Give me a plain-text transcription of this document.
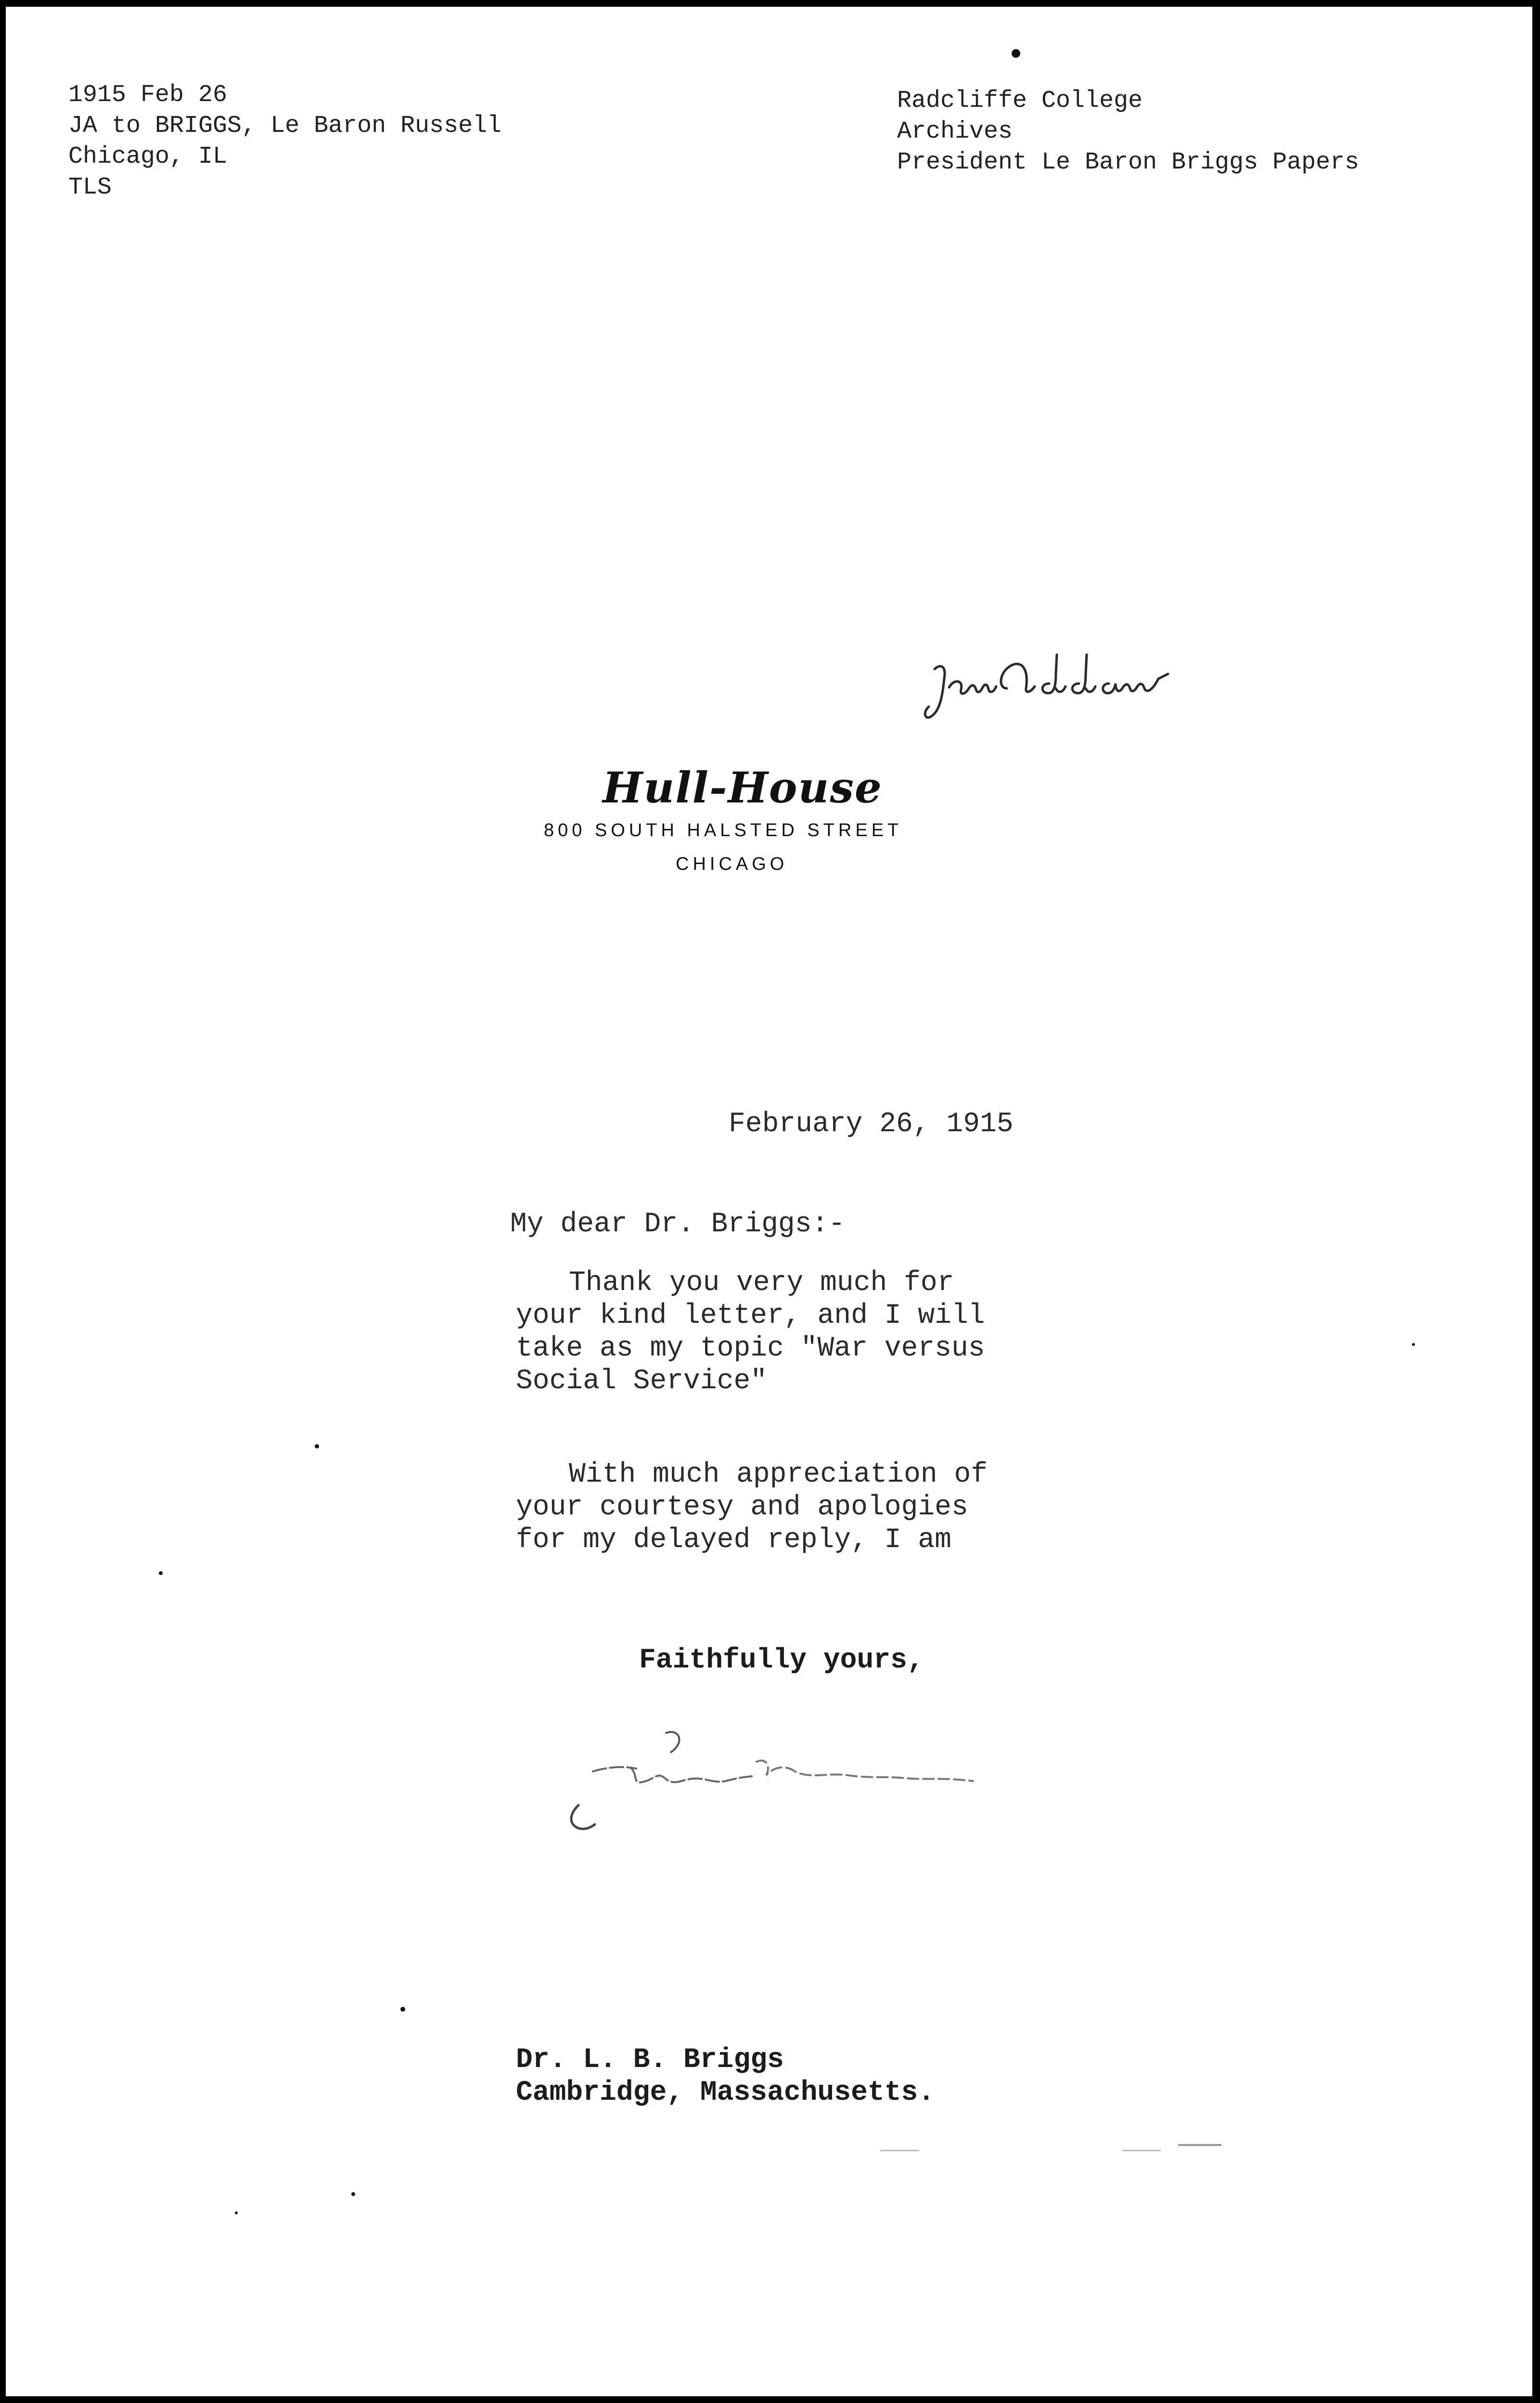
1915 Feb 26
JA to BRIGGS, Le Baron Russell
Chicago, IL
TLS
Radcliffe College
Archives
President Le Baron Briggs Papers

Hull-House
800 SOUTH HALSTED STREET
CHICAGO
February 26, 1915
My dear Dr. Briggs:-
Thank you very much for
your kind letter, and I will
take as my topic "War versus
Social Service"
With much appreciation of
your courtesy and apologies
for my delayed reply, I am
Faithfully yours,

Dr. L. B. Briggs
Cambridge, Massachusetts.
